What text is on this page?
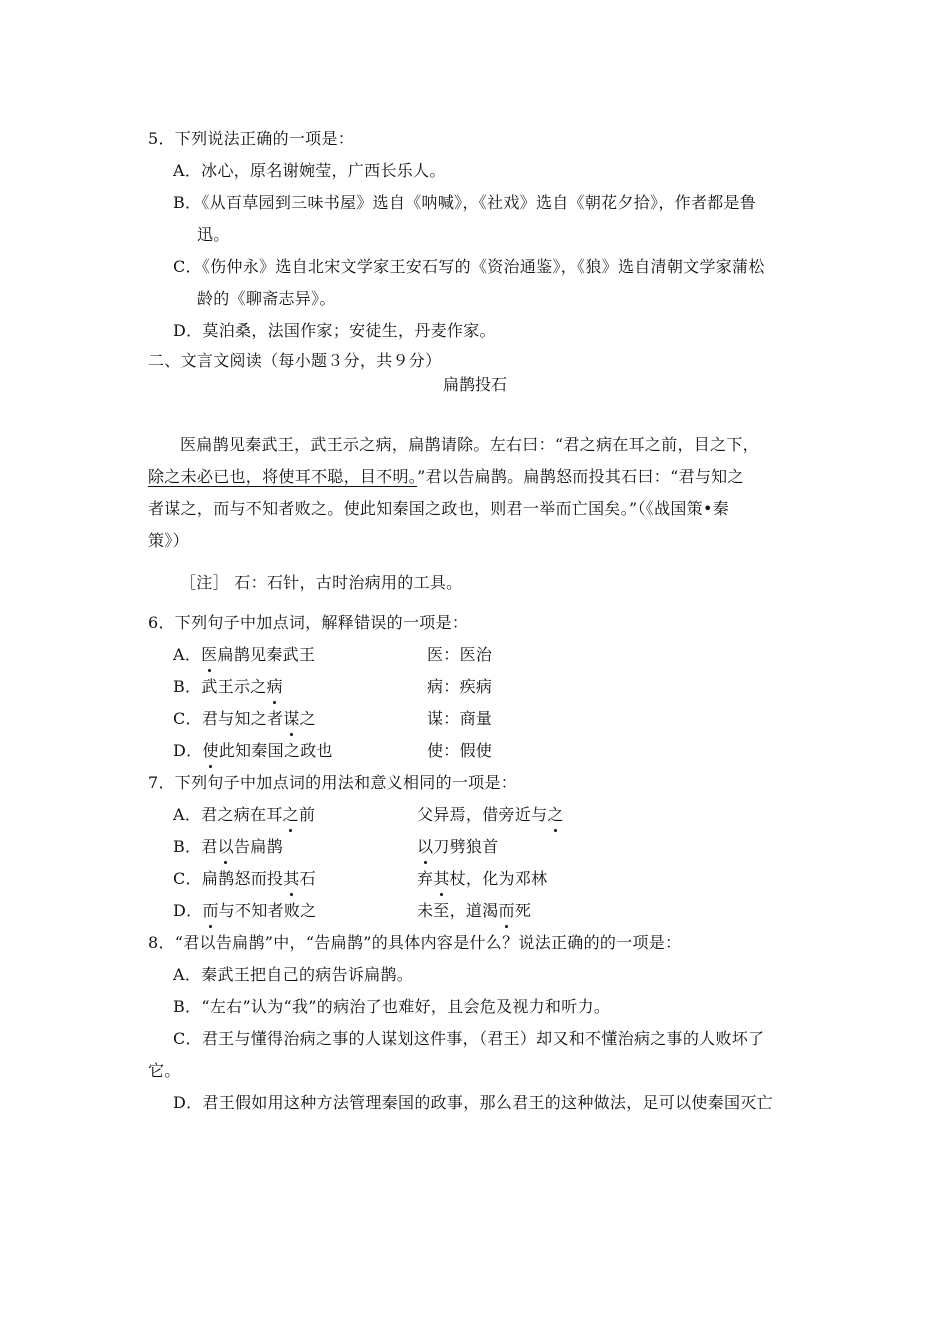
5．下列说法正确的一项是：
A．冰心，原名谢婉莹，广西长乐人。
B．《从百草园到三味书屋》选自《呐喊》，《社戏》选自《朝花夕拾》，作者都是鲁
迅。
C．《伤仲永》选自北宋文学家王安石写的《资治通鉴》，《狼》选自清朝文学家蒲松
龄的《聊斋志异》。
D．莫泊桑，法国作家；安徒生，丹麦作家。
二、文言文阅读（每小题３分，共９分）
扁鹊投石
医扁鹊见秦武王，武王示之病，扁鹊请除。左右曰：“君之病在耳之前，目之下，
除之未必已也，将使耳不聪，目不明。”君以告扁鹊。扁鹊怒而投其石曰：“君与知之
者谋之，而与不知者败之。使此知秦国之政也，则君一举而亡国矣。”（《战国策•秦
策》）
［注］ 石：石针，古时治病用的工具。
6．下列句子中加点词，解释错误的一项是：
A．医扁鹊见秦武王	医：医治
B．武王示之病	病：疾病
C．君与知之者谋之	谋：商量
D．使此知秦国之政也	使：假使
7．下列句子中加点词的用法和意义相同的一项是：
A．君之病在耳之前	父异焉，借旁近与之
B．君以告扁鹊	以刀劈狼首
C．扁鹊怒而投其石	弃其杖，化为邓林
D．而与不知者败之	未至，道渴而死
8．“君以告扁鹊”中，“告扁鹊”的具体内容是什么？说法正确的的一项是：
A．秦武王把自己的病告诉扁鹊。
B．“左右”认为“我”的病治了也难好，且会危及视力和听力。
C．君王与懂得治病之事的人谋划这件事，（君王）却又和不懂治病之事的人败坏了
它。
D．君王假如用这种方法管理秦国的政事，那么君王的这种做法，足可以使秦国灭亡
